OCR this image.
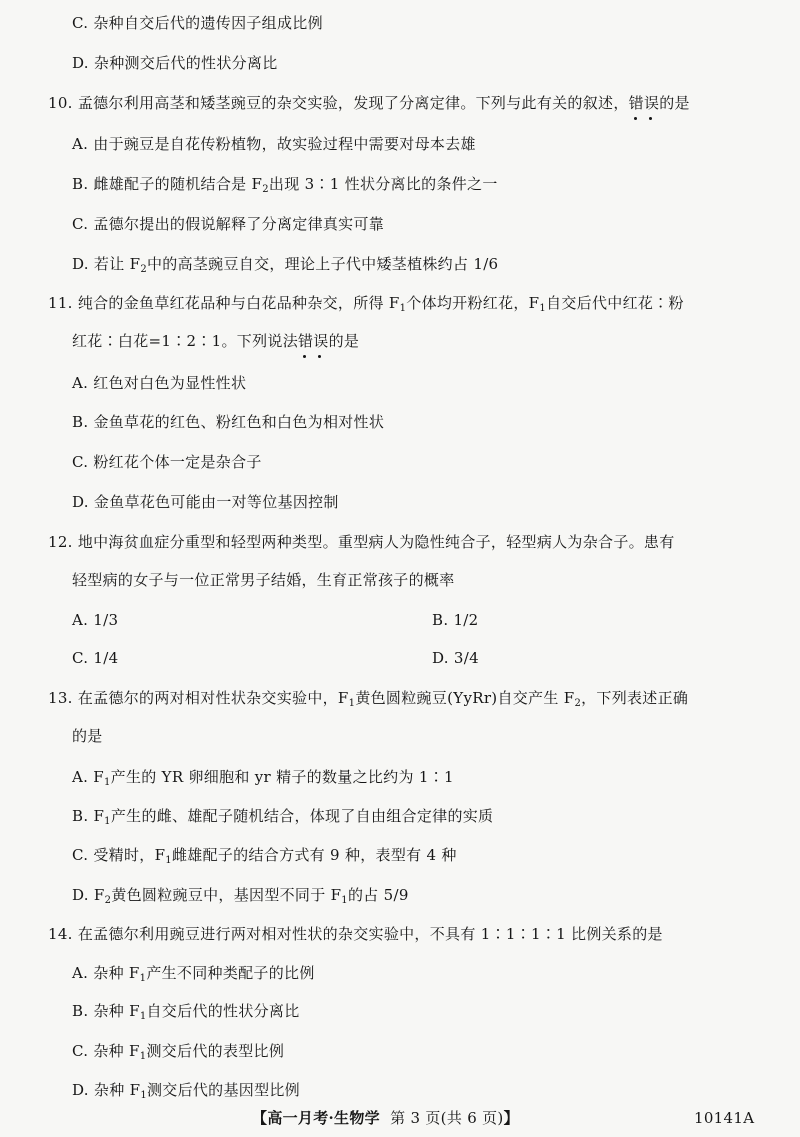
C. 杂种自交后代的遗传因子组成比例
D. 杂种测交后代的性状分离比
10. 孟德尔利用高茎和矮茎豌豆的杂交实验，发现了分离定律。下列与此有关的叙述，错误
的是
A. 由于豌豆是自花传粉植物，故实验过程中需要对母本去雄
B. 雌雄配子的随机结合是 $F_2$出现 3∶1 性状分离比的条件之一
C. 孟德尔提出的假说解释了分离定律真实可靠
D. 若让 $F_2$中的高茎豌豆自交，理论上子代中矮茎植株约占 1/6
11. 纯合的金鱼草红花品种与白花品种杂交，所得 $F_1$个体均开粉红花，$F_1$自交后代中红花∶粉
红花∶白花=1∶2∶1。下列说法错误
的是
A. 红色对白色为显性性状
B. 金鱼草花的红色、粉红色和白色为相对性状
C. 粉红花个体一定是杂合子
D. 金鱼草花色可能由一对等位基因控制
12. 地中海贫血症分重型和轻型两种类型。重型病人为隐性纯合子，轻型病人为杂合子。患有
轻型病的女子与一位正常男子结婚，生育正常孩子的概率
A. 1/3	B. 1/2
C. 1/4	D. 3/4
13. 在孟德尔的两对相对性状杂交实验中，$F_1$黄色圆粒豌豆(YyRr)自交产生 $F_2$，下列表述正确
的是
A. $F_1$产生的 YR 卵细胞和 yr 精子的数量之比约为 1∶1
B. $F_1$产生的雌、雄配子随机结合，体现了自由组合定律的实质
C. 受精时，$F_1$雌雄配子的结合方式有 9 种，表型有 4 种
D. $F_2$黄色圆粒豌豆中，基因型不同于 $F_1$的占 5/9
14. 在孟德尔利用豌豆进行两对相对性状的杂交实验中，不具有 1∶1∶1∶1 比例关系的是
A. 杂种 $F_1$产生不同种类配子的比例
B. 杂种 $F_1$自交后代的性状分离比
C. 杂种 $F_1$测交后代的表型比例
D. 杂种 $F_1$测交后代的基因型比例
【高一月考·生物学 第 3 页(共 6 页)】	10141A
